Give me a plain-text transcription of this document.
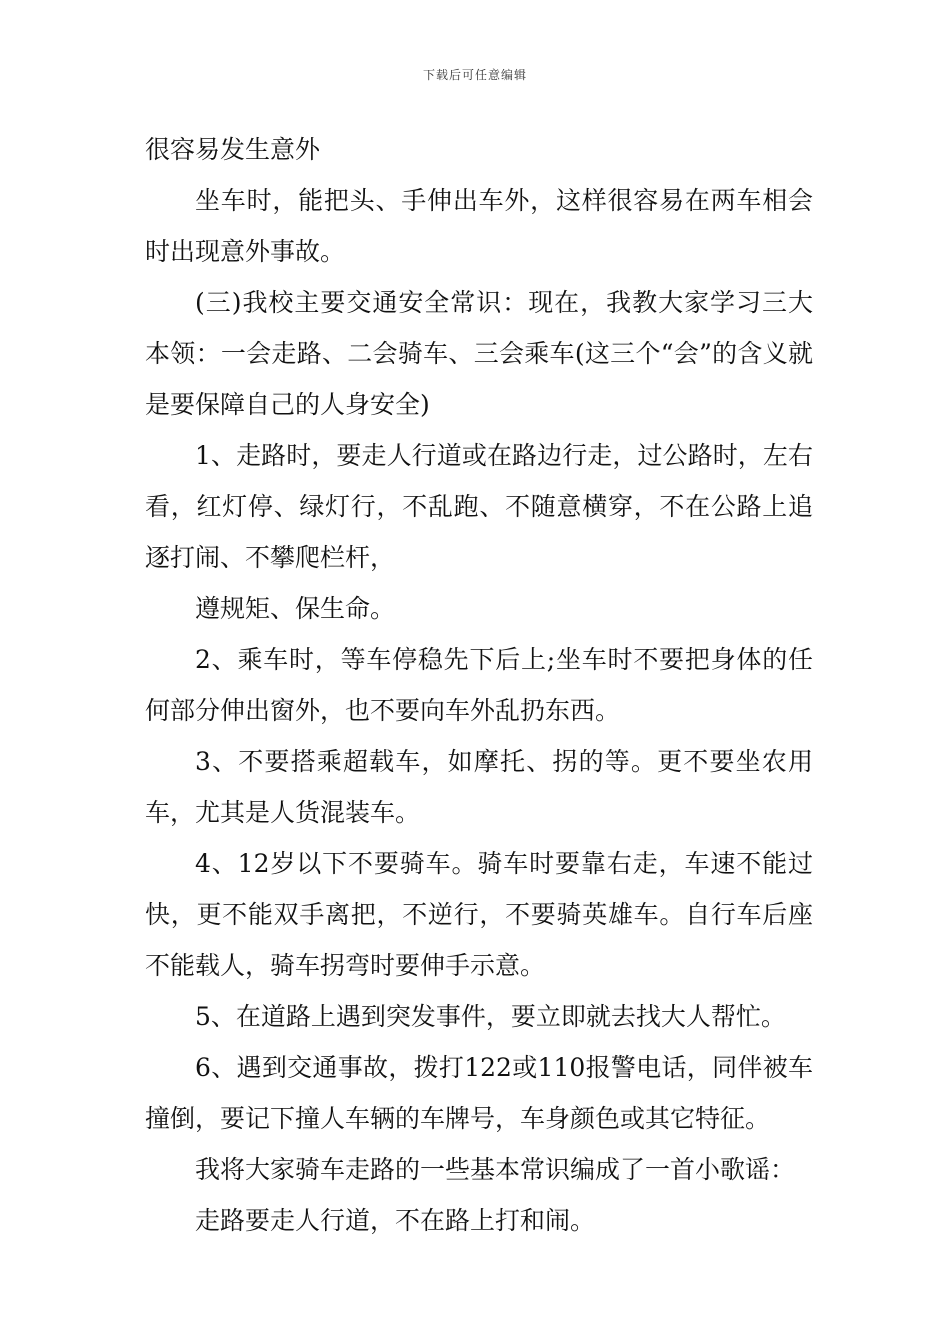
下载后可任意编辑

很容易发生意外

坐车时，能把头、手伸出车外，这样很容易在两车相会时出现意外事故。

(三)我校主要交通安全常识：现在，我教大家学习三大本领：一会走路、二会骑车、三会乘车(这三个“会”的含义就是要保障自己的人身安全)

1、走路时，要走人行道或在路边行走，过公路时，左右看，红灯停、绿灯行，不乱跑、不随意横穿，不在公路上追逐打闹、不攀爬栏杆，

遵规矩、保生命。

2、乘车时，等车停稳先下后上;坐车时不要把身体的任何部分伸出窗外，也不要向车外乱扔东西。

3、不要搭乘超载车，如摩托、拐的等。更不要坐农用车，尤其是人货混装车。

4、12岁以下不要骑车。骑车时要靠右走，车速不能过快，更不能双手离把，不逆行，不要骑英雄车。自行车后座不能载人，骑车拐弯时要伸手示意。

5、在道路上遇到突发事件，要立即就去找大人帮忙。

6、遇到交通事故，拨打122或110报警电话，同伴被车撞倒，要记下撞人车辆的车牌号，车身颜色或其它特征。

我将大家骑车走路的一些基本常识编成了一首小歌谣：

走路要走人行道，不在路上打和闹。
